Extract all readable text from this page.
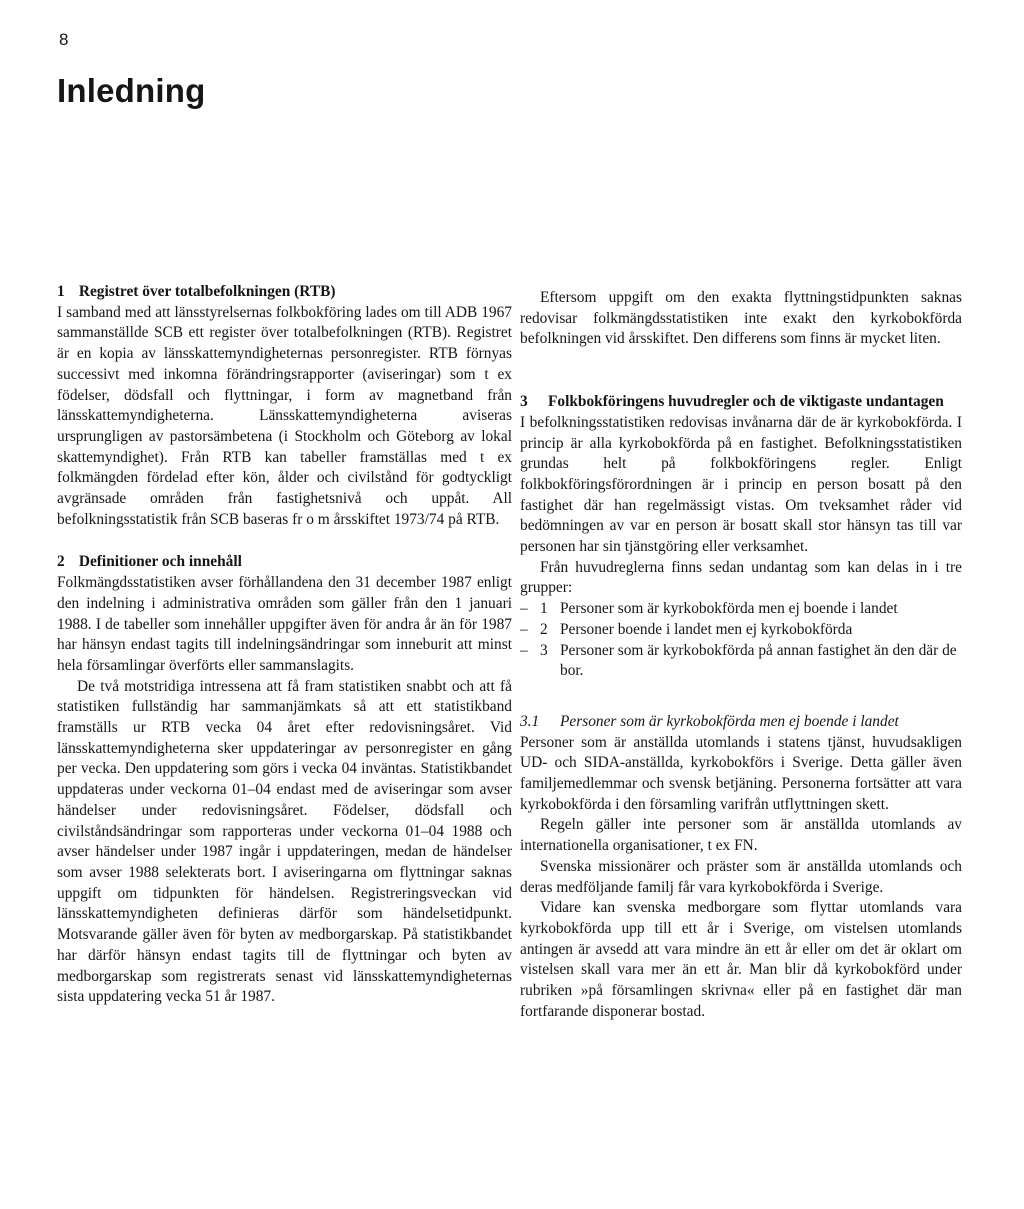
8
Inledning
1 Registret över totalbefolkningen (RTB)

I samband med att länsstyrelsernas folkbokföring lades om till ADB 1967 sammanställde SCB ett register över totalbefolkningen (RTB). Registret är en kopia av länsskattemyndigheternas personregister. RTB förnyas successivt med inkomna förändringsrapporter (aviseringar) som t ex födelser, dödsfall och flyttningar, i form av magnetband från länsskattemyndigheterna. Länsskattemyndigheterna aviseras ursprungligen av pastorsämbetena (i Stockholm och Göteborg av lokal skattemyndighet). Från RTB kan tabeller framställas med t ex folkmängden fördelad efter kön, ålder och civilstånd för godtyckligt avgränsade områden från fastighetsnivå och uppåt. All befolkningsstatistik från SCB baseras fr o m årsskiftet 1973/74 på RTB.

2 Definitioner och innehåll

Folkmängdsstatistiken avser förhållandena den 31 december 1987 enligt den indelning i administrativa områden som gäller från den 1 januari 1988. I de tabeller som innehåller uppgifter även för andra år än för 1987 har hänsyn endast tagits till indelningsändringar som inneburit att minst hela församlingar överförts eller sammanslagits.

De två motstridiga intressena att få fram statistiken snabbt och att få statistiken fullständig har sammanjämkats så att ett statistikband framställs ur RTB vecka 04 året efter redovisningsåret. Vid länsskattemyndigheterna sker uppdateringar av personregister en gång per vecka. Den uppdatering som görs i vecka 04 inväntas. Statistikbandet uppdateras under veckorna 01–04 endast med de aviseringar som avser händelser under redovisningsåret. Födelser, dödsfall och civilståndsändringar som rapporteras under veckorna 01–04 1988 och avser händelser under 1987 ingår i uppdateringen, medan de händelser som avser 1988 selekterats bort. I aviseringarna om flyttningar saknas uppgift om tidpunkten för händelsen. Registreringsveckan vid länsskattemyndigheten definieras därför som händelsetidpunkt. Motsvarande gäller även för byten av medborgarskap. På statistikbandet har därför hänsyn endast tagits till de flyttningar och byten av medborgarskap som registrerats senast vid länsskattemyndigheternas sista uppdatering vecka 51 år 1987.

Eftersom uppgift om den exakta flyttningstidpunkten saknas redovisar folkmängdsstatistiken inte exakt den kyrkobokförda befolkningen vid årsskiftet. Den differens som finns är mycket liten.

3	Folkbokföringens huvudregler och de viktigaste undantagen

I befolkningsstatistiken redovisas invånarna där de är kyrkobokförda. I princip är alla kyrkobokförda på en fastighet. Befolkningsstatistiken grundas helt på folkbokföringens regler. Enligt folkbokföringsförordningen är i princip en person bosatt på den fastighet där han regelmässigt vistas. Om tveksamhet råder vid bedömningen av var en person är bosatt skall stor hänsyn tas till var personen har sin tjänstgöring eller verksamhet.

Från huvudreglerna finns sedan undantag som kan delas in i tre grupper:

– 1 Personer som är kyrkobokförda men ej boende i landet
– 2 Personer boende i landet men ej kyrkobokförda
– 3 Personer som är kyrkobokförda på annan fastighet än den där de bor.
3.1	Personer som är kyrkobokförda men ej boende i landet

Personer som är anställda utomlands i statens tjänst, huvudsakligen UD- och SIDA-anställda, kyrkobokförs i Sverige. Detta gäller även familjemedlemmar och svensk betjäning. Personerna fortsätter att vara kyrkobokförda i den församling varifrån utflyttningen skett.

Regeln gäller inte personer som är anställda utomlands av internationella organisationer, t ex FN.

Svenska missionärer och präster som är anställda utomlands och deras medföljande familj får vara kyrkobokförda i Sverige.

Vidare kan svenska medborgare som flyttar utomlands vara kyrkobokförda upp till ett år i Sverige, om vistelsen utomlands antingen är avsedd att vara mindre än ett år eller om det är oklart om vistelsen skall vara mer än ett år. Man blir då kyrkobokförd under rubriken »på församlingen skrivna« eller på en fastighet där man fortfarande disponerar bostad.
